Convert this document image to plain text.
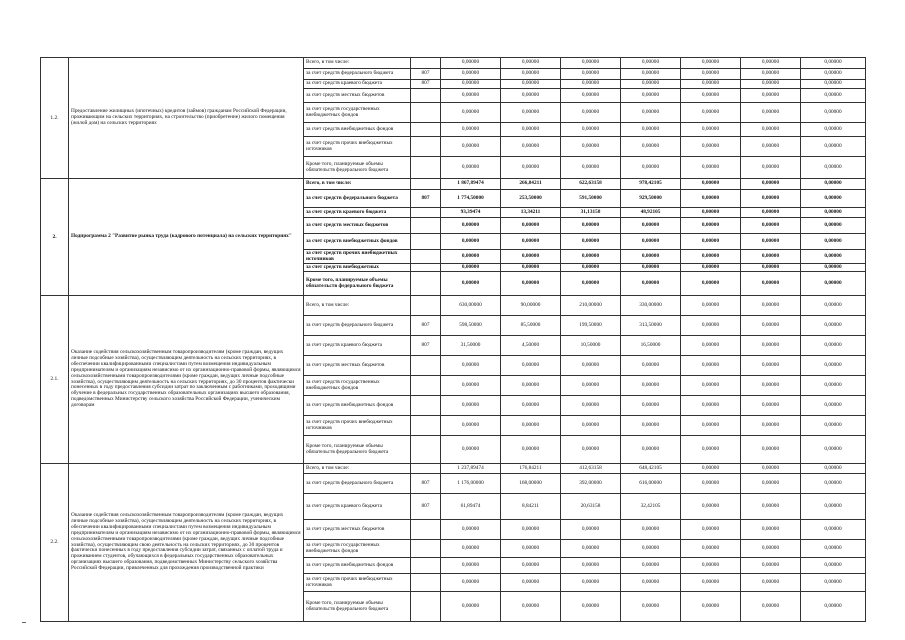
1.2.	Предоставление жилищных (ипотечных) кредитов (займов) гражданам Российской Федерации, проживающим на сельских территориях, на строительство (приобретение) жилого помещения (жилой дом) на сельских территориях	Всего, в том числе:		0,00000	0,00000	0,00000	0,00000	0,00000	0,00000	0,00000
		за счет средств федерального бюджета	807	0,00000	0,00000	0,00000	0,00000	0,00000	0,00000	0,00000
		за счет средств краевого бюджета	807	0,00000	0,00000	0,00000	0,00000	0,00000	0,00000	0,00000
		за счет средств местных бюджетов		0,00000	0,00000	0,00000	0,00000	0,00000	0,00000	0,00000
		за счет средств государственных внебюджетных фондов		0,00000	0,00000	0,00000	0,00000	0,00000	0,00000	0,00000
		за счет средств внебюджетных фондов		0,00000	0,00000	0,00000	0,00000	0,00000	0,00000	0,00000
		за счет средств прочих внебюджетных источников		0,00000	0,00000	0,00000	0,00000	0,00000	0,00000	0,00000
		Кроме того, планируемые объемы обязательств федерального бюджета		0,00000	0,00000	0,00000	0,00000	0,00000	0,00000	0,00000
2.	Подпрограмма 2 "Развитие рынка труда (кадрового потенциала) на сельских территориях"	Всего, в том числе:		1 867,89474	266,84211	622,63158	978,42105	0,00000	0,00000	0,00000
		за счет средств федерального бюджета	807	1 774,50000	253,50000	591,50000	929,50000	0,00000	0,00000	0,00000
		за счет средств краевого бюджета		93,39474	13,34211	31,13158	48,92105	0,00000	0,00000	0,00000
		за счет средств местных бюджетов		0,00000	0,00000	0,00000	0,00000	0,00000	0,00000	0,00000
		за счет средств внебюджетных фондов		0,00000	0,00000	0,00000	0,00000	0,00000	0,00000	0,00000
		за счет средств прочих внебюджетных источников		0,00000	0,00000	0,00000	0,00000	0,00000	0,00000	0,00000
		за счет средств внебюджетных		0,00000	0,00000	0,00000	0,00000	0,00000	0,00000	0,00000
		Кроме того, планируемые объемы обязательств федерального бюджета		0,00000	0,00000	0,00000	0,00000	0,00000	0,00000	0,00000
2.1.	Оказание содействия сельскохозяйственным товаропроизводителям (кроме граждан, ведущих личные подсобные хозяйства), осуществляющим деятельность на сельских территориях, в обеспечении квалифицированными специалистами путем возмещения индивидуальным предпринимателям и организациям независимо от их организационно-правовой формы, являющимся сельскохозяйственными товаропроизводителями (кроме граждан, ведущих личные подсобные хозяйства), осуществляющим деятельность на сельских территориях, до 30 процентов фактически понесенных в году предоставления субсидии затрат по заключенным с работниками, проходящими обучение в федеральных государственных образовательных организациях высшего образования, подведомственных Министерству сельского хозяйства Российской Федерации, ученическим договорам	Всего, в том числе:		630,00000	90,00000	210,00000	330,00000	0,00000	0,00000	0,00000
		за счет средств федерального бюджета	807	598,50000	85,50000	199,50000	313,50000	0,00000	0,00000	0,00000
		за счет средств краевого бюджета	807	31,50000	4,50000	10,50000	16,50000	0,00000	0,00000	0,00000
		за счет средств местных бюджетов		0,00000	0,00000	0,00000	0,00000	0,00000	0,00000	0,00000
		за счет средств государственных внебюджетных фондов		0,00000	0,00000	0,00000	0,00000	0,00000	0,00000	0,00000
		за счет средств внебюджетных фондов		0,00000	0,00000	0,00000	0,00000	0,00000	0,00000	0,00000
		за счет средств прочих внебюджетных источников		0,00000	0,00000	0,00000	0,00000	0,00000	0,00000	0,00000
		Кроме того, планируемые объемы обязательств федерального бюджета		0,00000	0,00000	0,00000	0,00000	0,00000	0,00000	0,00000
2.2.	Оказание содействия сельскохозяйственным товаропроизводителям (кроме граждан, ведущих личные подсобные хозяйства), осуществляющим деятельность на сельских территориях, в обеспечении квалифицированными специалистами путем возмещения индивидуальным предпринимателям и организациям независимо от их организационно-правовой формы, являющимся сельскохозяйственными товаропроизводителями (кроме граждан, ведущих личные подсобные хозяйства), осуществляющим свою деятельность на сельских территориях, до 30 процентов фактически понесенных в году предоставления субсидии затрат, связанных с оплатой труда и проживанием студентов, обучающихся в федеральных государственных образовательных организациях высшего образования, подведомственных Министерству сельского хозяйства Российской Федерации, привлеченных для прохождения производственной практики	Всего, в том числе:		1 237,89474	176,84211	412,63158	648,42105	0,00000	0,00000	0,00000
		за счет средств федерального бюджета	807	1 176,00000	168,00000	392,00000	616,00000	0,00000	0,00000	0,00000
		за счет средств краевого бюджета	807	61,89474	8,84211	20,63158	32,42105	0,00000	0,00000	0,00000
		за счет средств местных бюджетов		0,00000	0,00000	0,00000	0,00000	0,00000	0,00000	0,00000
		за счет средств государственных внебюджетных фондов		0,00000	0,00000	0,00000	0,00000	0,00000	0,00000	0,00000
		за счет средств внебюджетных фондов		0,00000	0,00000	0,00000	0,00000	0,00000	0,00000	0,00000
		за счет средств прочих внебюджетных источников		0,00000	0,00000	0,00000	0,00000	0,00000	0,00000	0,00000
		Кроме того, планируемые объемы обязательств федерального бюджета		0,00000	0,00000	0,00000	0,00000	0,00000	0,00000	0,00000
